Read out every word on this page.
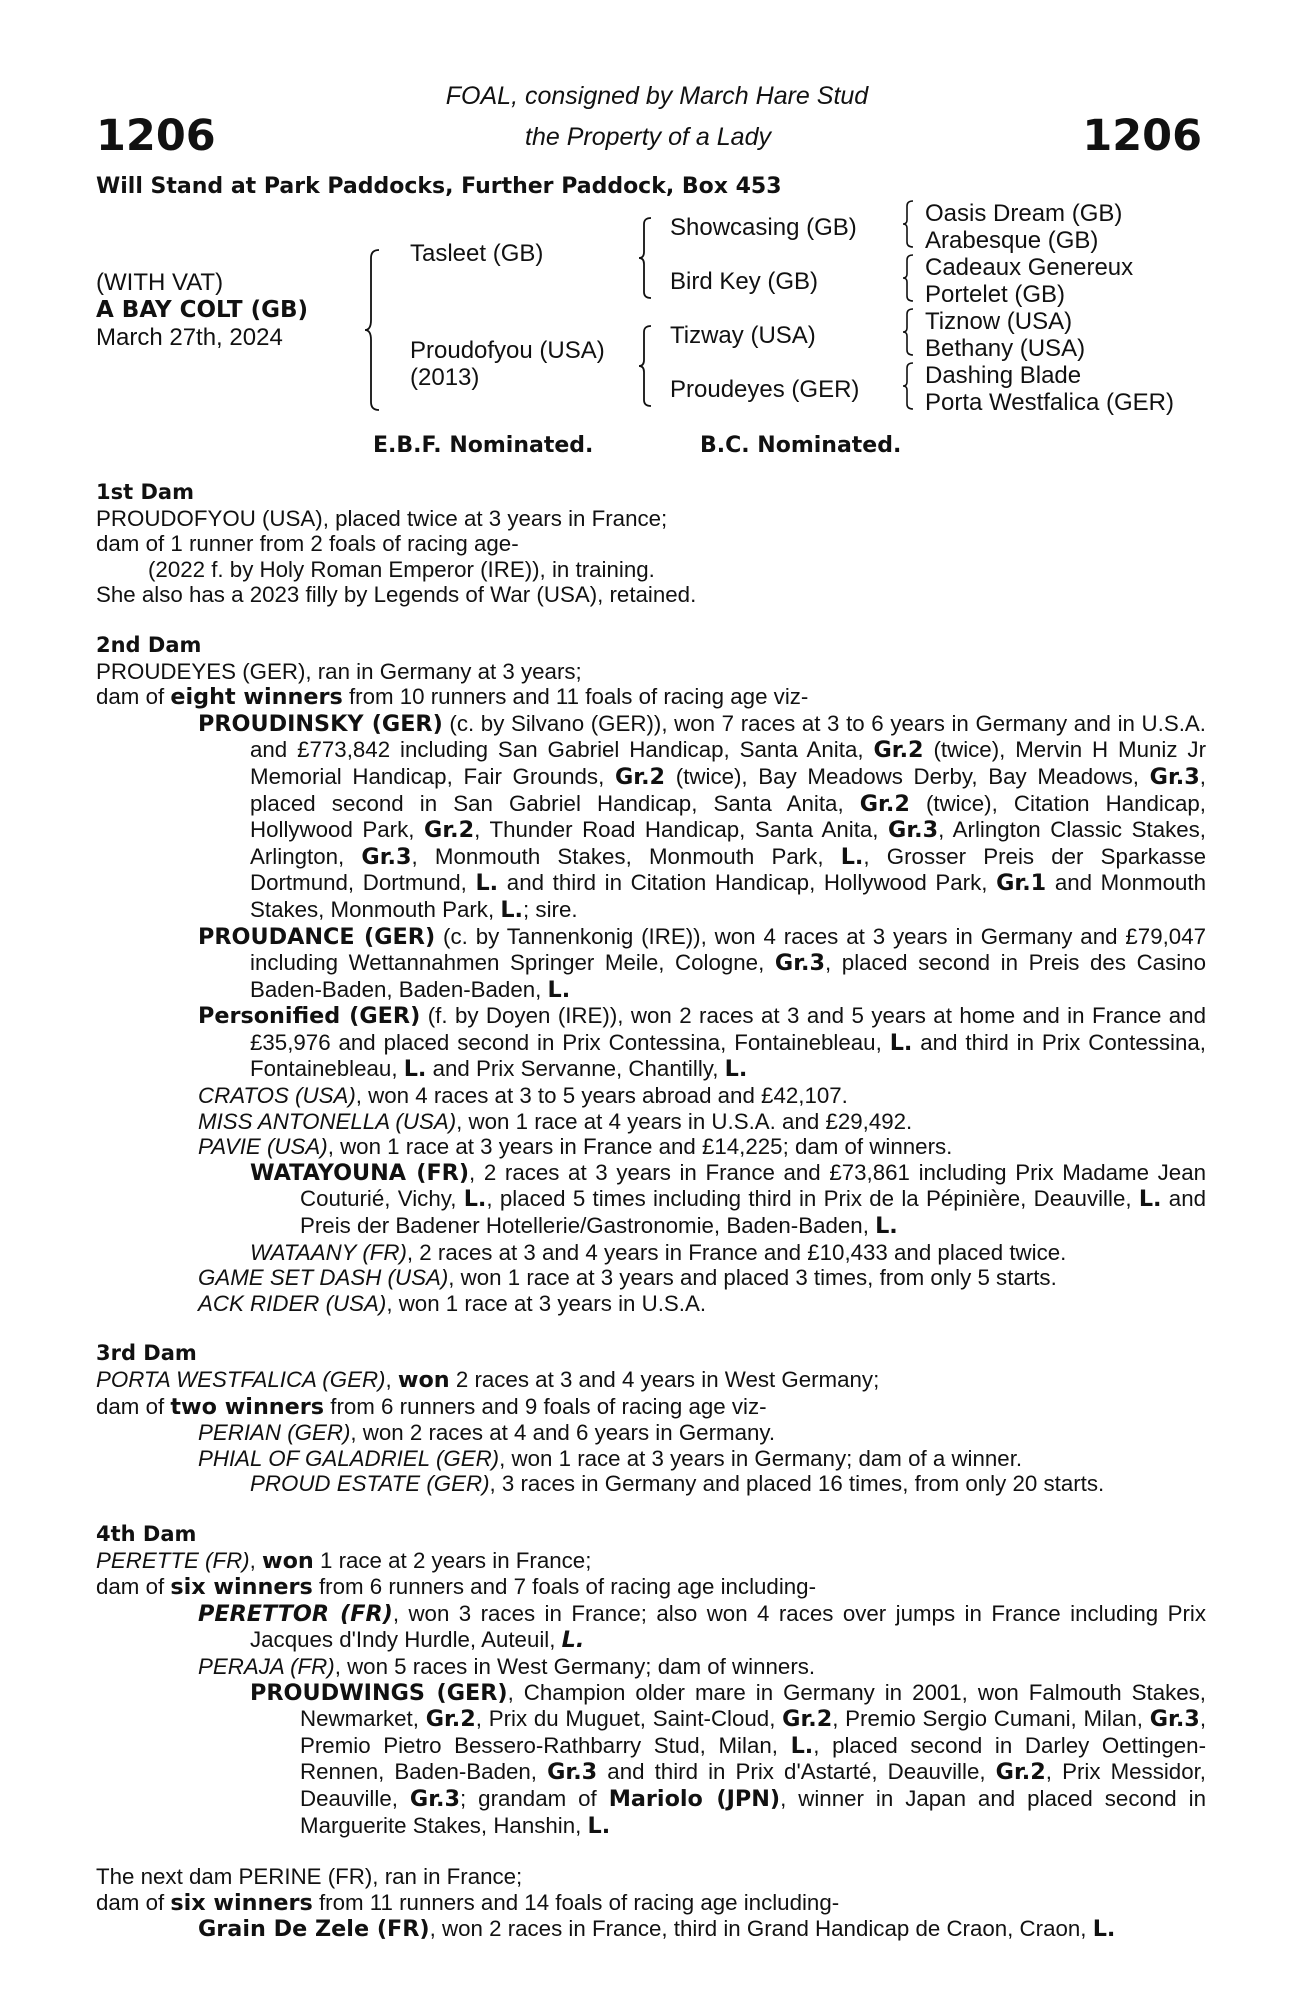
1206	1206
FOAL, consigned by March Hare Stud
the Property of a Lady
Will Stand at Park Paddocks, Further Paddock, Box 453
(WITH VAT)
A BAY COLT (GB)
March 27th, 2024
Tasleet (GB)
Proudofyou (USA)
(2013)
Showcasing (GB)
Bird Key (GB)
Tizway (USA)
Proudeyes (GER)
Oasis Dream (GB)
Arabesque (GB)
Cadeaux Genereux
Portelet (GB)
Tiznow (USA)
Bethany (USA)
Dashing Blade
Porta Westfalica (GER)
E.B.F. Nominated.	B.C. Nominated.

1st Dam

PROUDOFYOU (USA), placed twice at 3 years in France;

dam of 1 runner from 2 foals of racing age-

(2022 f. by Holy Roman Emperor (IRE)), in training.

She also has a 2023 filly by Legends of War (USA), retained.

2nd Dam

PROUDEYES (GER), ran in Germany at 3 years;

dam of eight winners from 10 runners and 11 foals of racing age viz-

PROUDINSKY (GER) (c. by Silvano (GER)), won 7 races at 3 to 6 years in Germany and in U.S.A. and £773,842 including San Gabriel Handicap, Santa Anita, Gr.2 (twice), Mervin H Muniz Jr Memorial Handicap, Fair Grounds, Gr.2 (twice), Bay Meadows Derby, Bay Meadows, Gr.3, placed second in San Gabriel Handicap, Santa Anita, Gr.2 (twice), Citation Handicap, Hollywood Park, Gr.2, Thunder Road Handicap, Santa Anita, Gr.3, Arlington Classic Stakes, Arlington, Gr.3, Monmouth Stakes, Monmouth Park, L., Grosser Preis der Sparkasse Dortmund, Dortmund, L. and third in Citation Handicap, Hollywood Park, Gr.1 and Monmouth Stakes, Monmouth Park, L.; sire.

PROUDANCE (GER) (c. by Tannenkonig (IRE)), won 4 races at 3 years in Germany and £79,047 including Wettannahmen Springer Meile, Cologne, Gr.3, placed second in Preis des Casino Baden-Baden, Baden-Baden, L.

Personified (GER) (f. by Doyen (IRE)), won 2 races at 3 and 5 years at home and in France and £35,976 and placed second in Prix Contessina, Fontainebleau, L. and third in Prix Contessina, Fontainebleau, L. and Prix Servanne, Chantilly, L.

CRATOS (USA), won 4 races at 3 to 5 years abroad and £42,107.

MISS ANTONELLA (USA), won 1 race at 4 years in U.S.A. and £29,492.

PAVIE (USA), won 1 race at 3 years in France and £14,225; dam of winners.

WATAYOUNA (FR), 2 races at 3 years in France and £73,861 including Prix Madame Jean Couturié, Vichy, L., placed 5 times including third in Prix de la Pépinière, Deauville, L. and Preis der Badener Hotellerie/Gastronomie, Baden-Baden, L.

WATAANY (FR), 2 races at 3 and 4 years in France and £10,433 and placed twice.

GAME SET DASH (USA), won 1 race at 3 years and placed 3 times, from only 5 starts.

ACK RIDER (USA), won 1 race at 3 years in U.S.A.

3rd Dam

PORTA WESTFALICA (GER), won 2 races at 3 and 4 years in West Germany;

dam of two winners from 6 runners and 9 foals of racing age viz-

PERIAN (GER), won 2 races at 4 and 6 years in Germany.

PHIAL OF GALADRIEL (GER), won 1 race at 3 years in Germany; dam of a winner.

PROUD ESTATE (GER), 3 races in Germany and placed 16 times, from only 20 starts.

4th Dam

PERETTE (FR), won 1 race at 2 years in France;

dam of six winners from 6 runners and 7 foals of racing age including-

PERETTOR (FR), won 3 races in France; also won 4 races over jumps in France including Prix Jacques d'Indy Hurdle, Auteuil, L.

PERAJA (FR), won 5 races in West Germany; dam of winners.

PROUDWINGS (GER), Champion older mare in Germany in 2001, won Falmouth Stakes, Newmarket, Gr.2, Prix du Muguet, Saint-Cloud, Gr.2, Premio Sergio Cumani, Milan, Gr.3, Premio Pietro Bessero-Rathbarry Stud, Milan, L., placed second in Darley Oettingen-Rennen, Baden-Baden, Gr.3 and third in Prix d'Astarté, Deauville, Gr.2, Prix Messidor, Deauville, Gr.3; grandam of Mariolo (JPN), winner in Japan and placed second in Marguerite Stakes, Hanshin, L.

The next dam PERINE (FR), ran in France;

dam of six winners from 11 runners and 14 foals of racing age including-

Grain De Zele (FR), won 2 races in France, third in Grand Handicap de Craon, Craon, L.
